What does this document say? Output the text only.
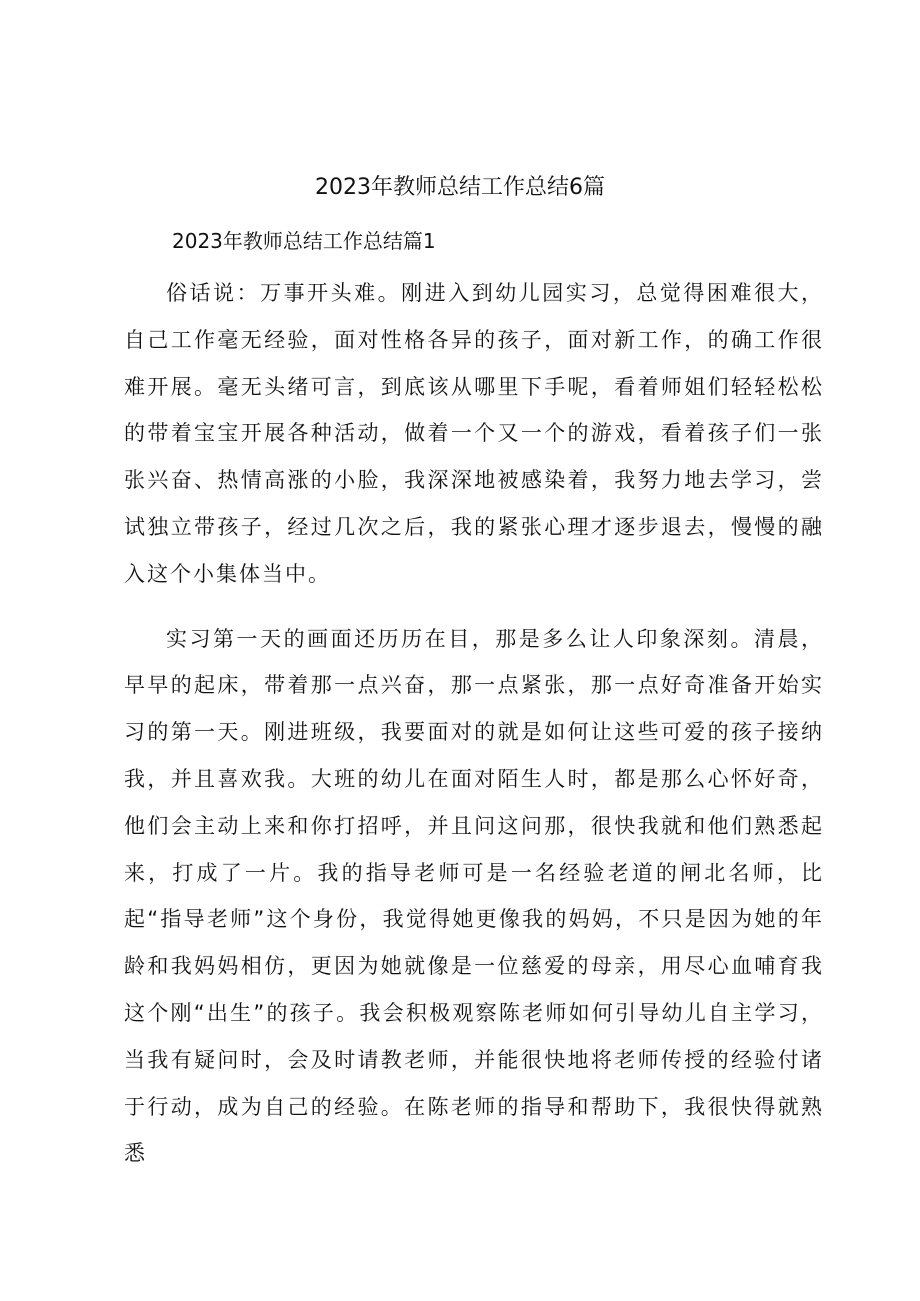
2023年教师总结工作总结6篇
2023年教师总结工作总结篇1

俗话说：万事开头难。刚进入到幼儿园实习，总觉得困难很大，自己工作毫无经验，面对性格各异的孩子，面对新工作，的确工作很难开展。毫无头绪可言，到底该从哪里下手呢，看着师姐们轻轻松松的带着宝宝开展各种活动，做着一个又一个的游戏，看着孩子们一张张兴奋、热情高涨的小脸，我深深地被感染着，我努力地去学习，尝试独立带孩子，经过几次之后，我的紧张心理才逐步退去，慢慢的融入这个小集体当中。

实习第一天的画面还历历在目，那是多么让人印象深刻。清晨，早早的起床，带着那一点兴奋，那一点紧张，那一点好奇准备开始实习的第一天。刚进班级，我要面对的就是如何让这些可爱的孩子接纳我，并且喜欢我。大班的幼儿在面对陌生人时，都是那么心怀好奇，他们会主动上来和你打招呼，并且问这问那，很快我就和他们熟悉起来，打成了一片。我的指导老师可是一名经验老道的闸北名师，比起“指导老师”这个身份，我觉得她更像我的妈妈，不只是因为她的年龄和我妈妈相仿，更因为她就像是一位慈爱的母亲，用尽心血哺育我这个刚“出生”的孩子。我会积极观察陈老师如何引导幼儿自主学习，当我有疑问时，会及时请教老师，并能很快地将老师传授的经验付诸于行动，成为自己的经验。在陈老师的指导和帮助下，我很快得就熟悉
